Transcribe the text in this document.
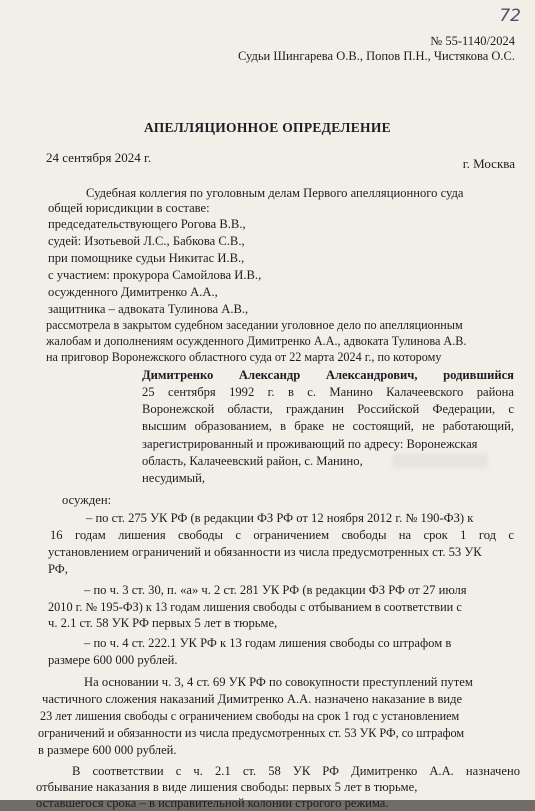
72
№ 55-1140/2024
Судьи Шингарева О.В., Попов П.Н., Чистякова О.С.
АПЕЛЛЯЦИОННОЕ ОПРЕДЕЛЕНИЕ
24 сентября 2024 г.	г. Москва
Судебная коллегия по уголовным делам Первого апелляционного суда
общей юрисдикции в составе:
председательствующего Рогова В.В.,
судей: Изотьевой Л.С., Бабкова С.В.,
при помощнике судьи Никитас И.В.,
с участием: прокурора Самойлова И.В.,
осужденного Димитренко А.А.,
защитника – адвоката Тулинова А.В.,
рассмотрела в закрытом судебном заседании уголовное дело по апелляционным
жалобам и дополнениям осужденного Димитренко А.А., адвоката Тулинова А.В.
на приговор Воронежского областного суда от 22 марта 2024 г., по которому
Димитренко Александр Александрович, родившийся
25 сентября 1992 г. в с. Манино Калачеевского района
Воронежской области, гражданин Российской Федерации, с
высшим образованием, в браке не состоящий, не работающий,
зарегистрированный и проживающий по адресу: Воронежская
область, Калачеевский район, с. Манино,
несудимый,
осужден:
– по ст. 275 УК РФ (в редакции ФЗ РФ от 12 ноября 2012 г. № 190-ФЗ) к
16 годам лишения свободы с ограничением свободы на срок 1 год с
установлением ограничений и обязанности из числа предусмотренных ст. 53 УК
РФ,
– по ч. 3 ст. 30, п. «а» ч. 2 ст. 281 УК РФ (в редакции ФЗ РФ от 27 июля
2010 г. № 195-ФЗ) к 13 годам лишения свободы с отбыванием в соответствии с
ч. 2.1 ст. 58 УК РФ первых 5 лет в тюрьме,
– по ч. 4 ст. 222.1 УК РФ к 13 годам лишения свободы со штрафом в
размере 600 000 рублей.
На основании ч. 3, 4 ст. 69 УК РФ по совокупности преступлений путем
частичного сложения наказаний Димитренко А.А. назначено наказание в виде
23 лет лишения свободы с ограничением свободы на срок 1 год с установлением
ограничений и обязанности из числа предусмотренных ст. 53 УК РФ, со штрафом
в размере 600 000 рублей.
В соответствии с ч. 2.1 ст. 58 УК РФ Димитренко А.А. назначено
отбывание наказания в виде лишения свободы: первых 5 лет в тюрьме,
оставшегося срока – в исправительной колонии строгого режима.
